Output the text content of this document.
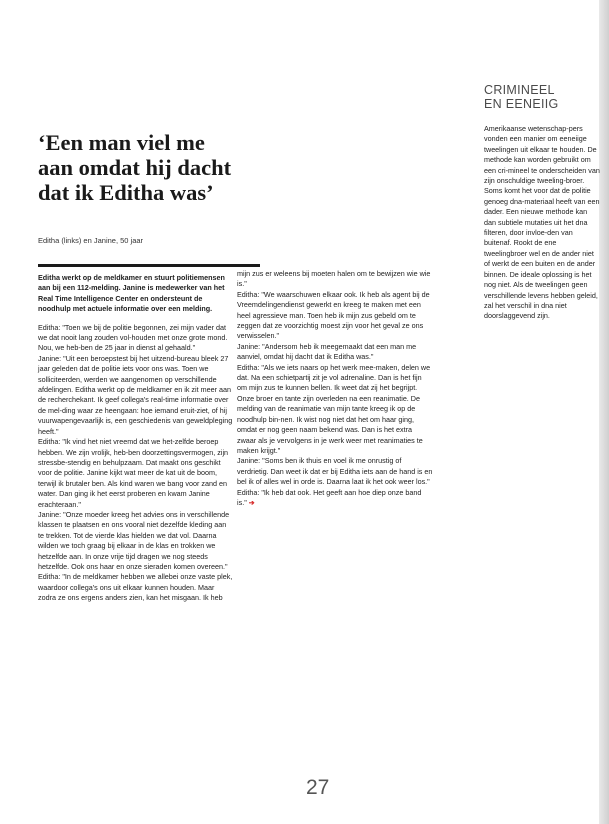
‘Een man viel me aan omdat hij dacht dat ik Editha was’
Editha (links) en Janine, 50 jaar

Editha werkt op de meldkamer en stuurt politiemensen aan bij een 112-melding. Janine is medewerker van het Real Time Intelligence Center en ondersteunt de noodhulp met actuele informatie over een melding.

Editha: "Toen we bij de politie begonnen, zei mijn vader dat we dat nooit lang zouden vol-houden met onze grote mond. Nou, we heb-ben de 25 jaar in dienst al gehaald."

Janine: "Uit een beroepstest bij het uitzend-bureau bleek 27 jaar geleden dat de politie iets voor ons was. Toen we solliciteerden, werden we aangenomen op verschillende afdelingen. Editha werkt op de meldkamer en ik zit meer aan de recherchekant. Ik geef collega's real-time informatie over de mel-ding waar ze heengaan: hoe iemand eruit-ziet, of hij vuurwapengevaarlijk is, een geschiedenis van geweldpleging heeft."

Editha: "Ik vind het niet vreemd dat we het-zelfde beroep hebben. We zijn vrolijk, heb-ben doorzettingsvermogen, zijn stressbe-stendig en behulpzaam. Dat maakt ons geschikt voor de politie. Janine kijkt wat meer de kat uit de boom, terwijl ik brutaler ben. Als kind waren we bang voor zand en water. Dan ging ik het eerst proberen en kwam Janine erachteraan."

Janine: "Onze moeder kreeg het advies ons in verschillende klassen te plaatsen en ons vooral niet dezelfde kleding aan te trekken. Tot de vierde klas hielden we dat vol. Daarna wilden we toch graag bij elkaar in de klas en trokken we hetzelfde aan. In onze vrije tijd dragen we nog steeds hetzelfde. Ook ons haar en onze sieraden komen overeen."

Editha: "In de meldkamer hebben we allebei onze vaste plek, waardoor collega's ons uit elkaar kunnen houden. Maar zodra ze ons ergens anders zien, kan het misgaan. Ik heb

mijn zus er weleens bij moeten halen om te bewijzen wie wie is."

Editha: "We waarschuwen elkaar ook. Ik heb als agent bij de Vreemdelingendienst gewerkt en kreeg te maken met een heel agressieve man. Toen heb ik mijn zus gebeld om te zeggen dat ze voorzichtig moest zijn voor het geval ze ons verwisselen."

Janine: "Andersom heb ik meegemaakt dat een man me aanviel, omdat hij dacht dat ik Editha was."

Editha: "Als we iets naars op het werk mee-maken, delen we dat. Na een schietpartij zit je vol adrenaline. Dan is het fijn om mijn zus te kunnen bellen. Ik weet dat zij het begrijpt. Onze broer en tante zijn overleden na een reanimatie. De melding van de reanimatie van mijn tante kreeg ik op de noodhulp bin-nen. Ik wist nog niet dat het om haar ging, omdat er nog geen naam bekend was. Dan is het extra zwaar als je vervolgens in je werk weer met reanimaties te maken krijgt."

Janine: "Soms ben ik thuis en voel ik me onrustig of verdrietig. Dan weet ik dat er bij Editha iets aan de hand is en bel ik of alles wel in orde is. Daarna laat ik het ook weer los."

Editha: "Ik heb dat ook. Het geeft aan hoe diep onze band is." ➔

CRIMINEEL
EN EENEIIG
Amerikaanse wetenschap-pers vonden een manier om eeneiige tweelingen uit elkaar te houden. De methode kan worden gebruikt om een cri-mineel te onderscheiden van zijn onschuldige tweeling-broer. Soms komt het voor dat de politie genoeg dna-materiaal heeft van een dader. Een nieuwe methode kan dan subtiele mutaties uit het dna filteren, door invloe-den van buitenaf. Rookt de ene tweelingbroer wel en de ander niet of werkt de een buiten en de ander binnen. De ideale oplossing is het nog niet. Als de tweelingen geen verschillende levens hebben geleid, zal het verschil in dna niet doorslaggevend zijn.
27
